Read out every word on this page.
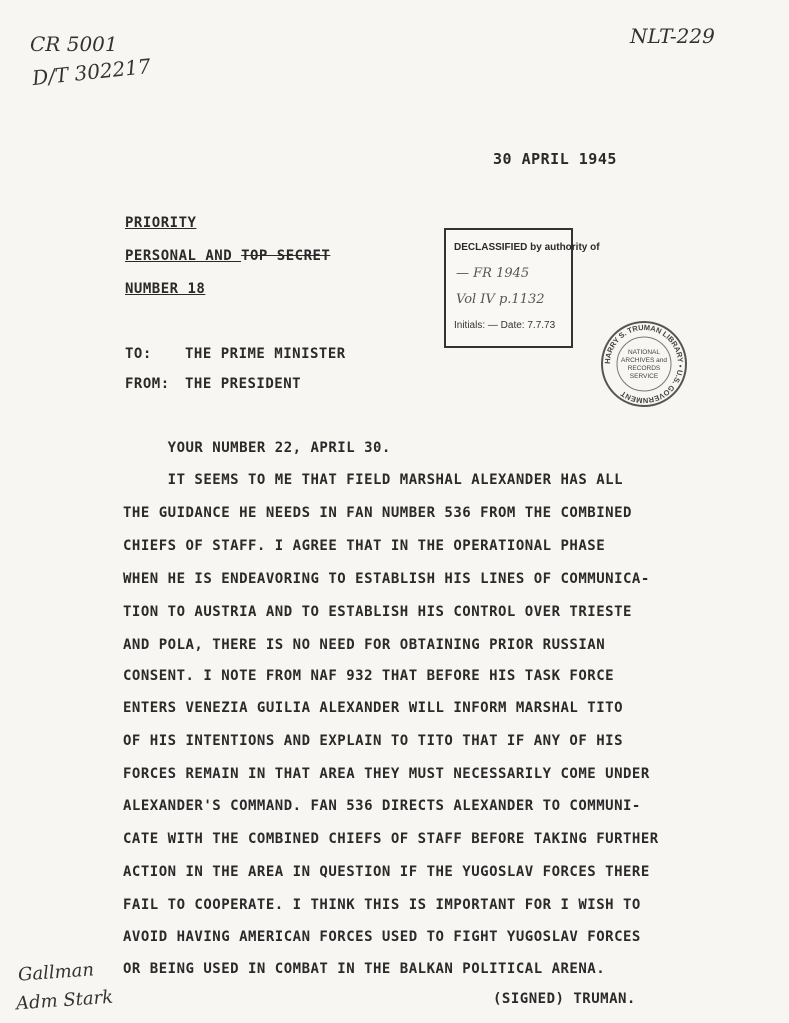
CR 5001
D/T 302217
NLT-229
30 APRIL 1945
PRIORITY
PERSONAL AND TOP SECRET
NUMBER 18
DECLASSIFIED by authority of
— FR 1945
Vol IV p.1132
Initials: — Date: 7.7.73
HARRY S. TRUMAN LIBRARY • U.S. GOVERNMENT
NATIONAL
ARCHIVES and
RECORDS
SERVICE
TO: THE PRIME MINISTER
FROM: THE PRESIDENT
YOUR NUMBER 22, APRIL 30.
IT SEEMS TO ME THAT FIELD MARSHAL ALEXANDER HAS ALL
THE GUIDANCE HE NEEDS IN FAN NUMBER 536 FROM THE COMBINED
CHIEFS OF STAFF. I AGREE THAT IN THE OPERATIONAL PHASE
WHEN HE IS ENDEAVORING TO ESTABLISH HIS LINES OF COMMUNICA-
TION TO AUSTRIA AND TO ESTABLISH HIS CONTROL OVER TRIESTE
AND POLA, THERE IS NO NEED FOR OBTAINING PRIOR RUSSIAN
CONSENT. I NOTE FROM NAF 932 THAT BEFORE HIS TASK FORCE
ENTERS VENEZIA GUILIA ALEXANDER WILL INFORM MARSHAL TITO
OF HIS INTENTIONS AND EXPLAIN TO TITO THAT IF ANY OF HIS
FORCES REMAIN IN THAT AREA THEY MUST NECESSARILY COME UNDER
ALEXANDER'S COMMAND. FAN 536 DIRECTS ALEXANDER TO COMMUNI-
CATE WITH THE COMBINED CHIEFS OF STAFF BEFORE TAKING FURTHER
ACTION IN THE AREA IN QUESTION IF THE YUGOSLAV FORCES THERE
FAIL TO COOPERATE. I THINK THIS IS IMPORTANT FOR I WISH TO
AVOID HAVING AMERICAN FORCES USED TO FIGHT YUGOSLAV FORCES
OR BEING USED IN COMBAT IN THE BALKAN POLITICAL ARENA.
(SIGNED) TRUMAN.
Gallman
Adm Stark
